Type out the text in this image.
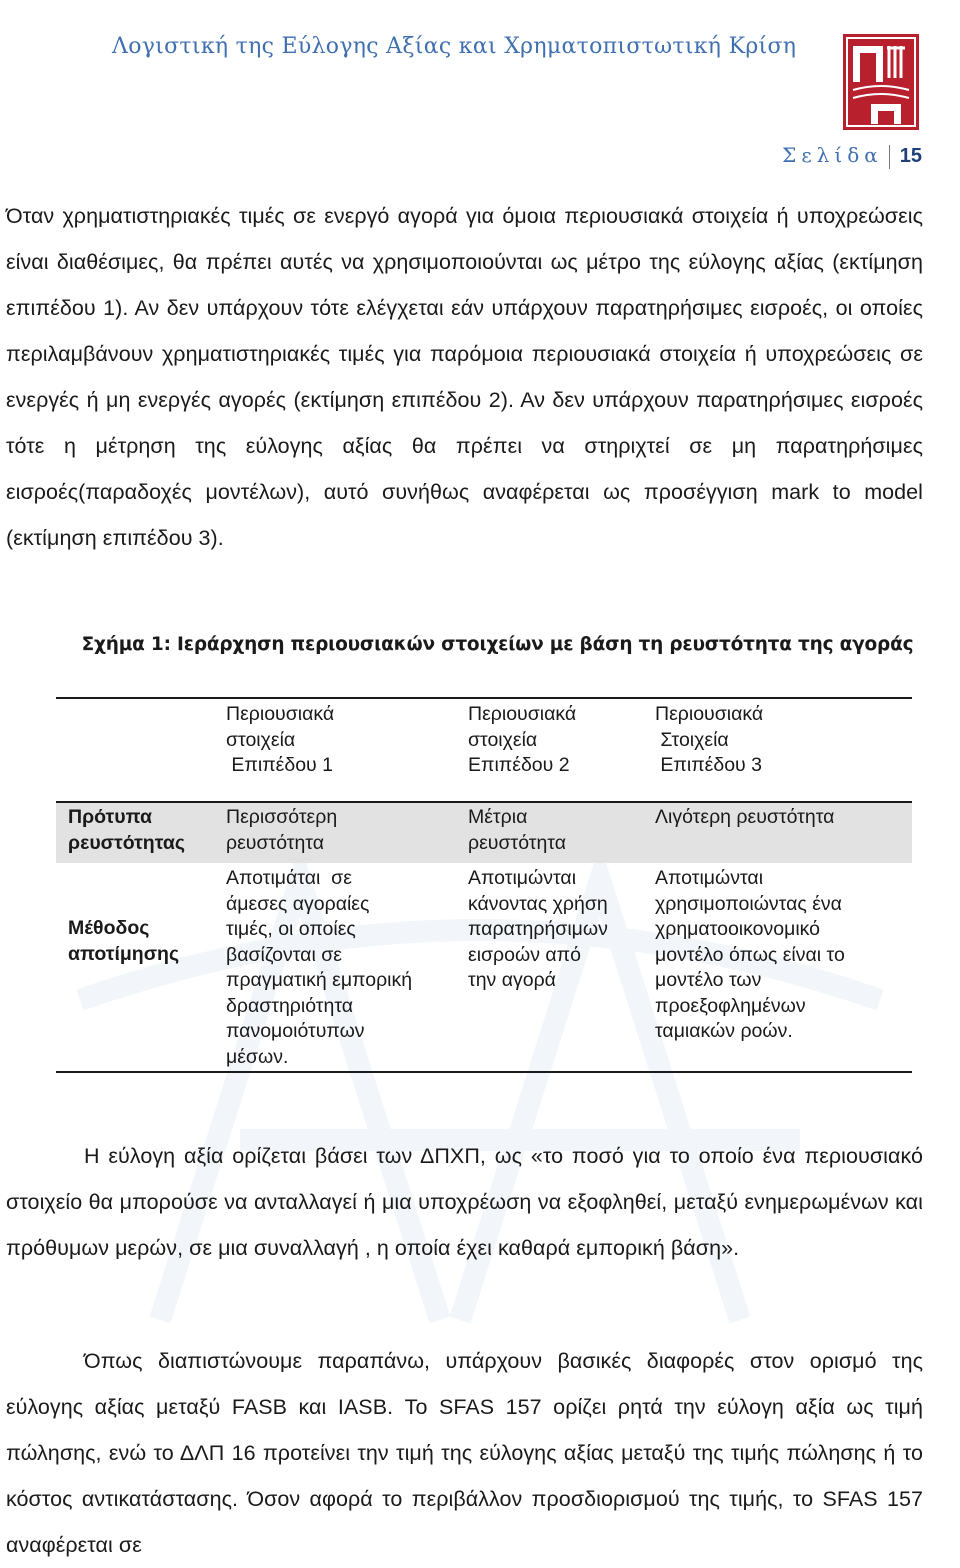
Λογιστική της Εύλογης Αξίας και Χρηματοπιστωτική Κρίση
Σελίδα 15

Όταν χρηματιστηριακές τιμές σε ενεργό αγορά για όμοια περιουσιακά στοιχεία ή υποχρεώσεις είναι διαθέσιμες, θα πρέπει αυτές να χρησιμοποιούνται ως μέτρο της εύλογης αξίας (εκτίμηση επιπέδου 1). Αν δεν υπάρχουν τότε ελέγχεται εάν υπάρχουν παρατηρήσιμες εισροές, οι οποίες περιλαμβάνουν χρηματιστηριακές τιμές για παρόμοια περιουσιακά στοιχεία ή υποχρεώσεις σε ενεργές ή μη ενεργές αγορές (εκτίμηση επιπέδου 2). Αν δεν υπάρχουν παρατηρήσιμες εισροές τότε η μέτρηση της εύλογης αξίας θα πρέπει να στηριχτεί σε μη παρατηρήσιμες εισροές(παραδοχές μοντέλων), αυτό συνήθως αναφέρεται ως προσέγγιση mark to model (εκτίμηση επιπέδου 3).

Σχήμα 1: Ιεράρχηση περιουσιακών στοιχείων με βάση τη ρευστότητα της αγοράς
Περιουσιακά
στοιχεία
Επιπέδου 1
Περιουσιακά
στοιχεία
Επιπέδου 2
Περιουσιακά
Στοιχεία
Επιπέδου 3
Πρότυπα
ρευστότητας
Περισσότερη
ρευστότητα
Μέτρια
ρευστότητα
Λιγότερη ρευστότητα
Μέθοδος
αποτίμησης
Αποτιμάται  σε
άμεσες αγοραίες
τιμές, οι οποίες
βασίζονται σε
πραγματική εμπορική
δραστηριότητα
πανομοιότυπων
μέσων.
Αποτιμώνται
κάνοντας χρήση
παρατηρήσιμων
εισροών από
την αγορά
Αποτιμώνται
χρησιμοποιώντας ένα
χρηματοοικονομικό
μοντέλο όπως είναι το
μοντέλο των
προεξοφλημένων
ταμιακών ροών.

Η εύλογη αξία ορίζεται βάσει των ΔΠΧΠ, ως «το ποσό για το οποίο ένα περιουσιακό στοιχείο θα μπορούσε να ανταλλαγεί ή μια υποχρέωση να εξοφληθεί, μεταξύ ενημερωμένων και πρόθυμων μερών, σε μια συναλλαγή , η οποία έχει καθαρά εμπορική βάση».

Όπως διαπιστώνουμε παραπάνω, υπάρχουν βασικές διαφορές στον ορισμό της εύλογης αξίας μεταξύ FASB και IASB. Το SFAS 157 ορίζει ρητά την εύλογη αξία ως τιμή πώλησης, ενώ το ΔΛΠ 16 προτείνει την τιμή της εύλογης αξίας μεταξύ της τιμής πώλησης ή το κόστος αντικατάστασης. Όσον αφορά το περιβάλλον προσδιορισμού της τιμής, το SFAS 157 αναφέρεται σε
